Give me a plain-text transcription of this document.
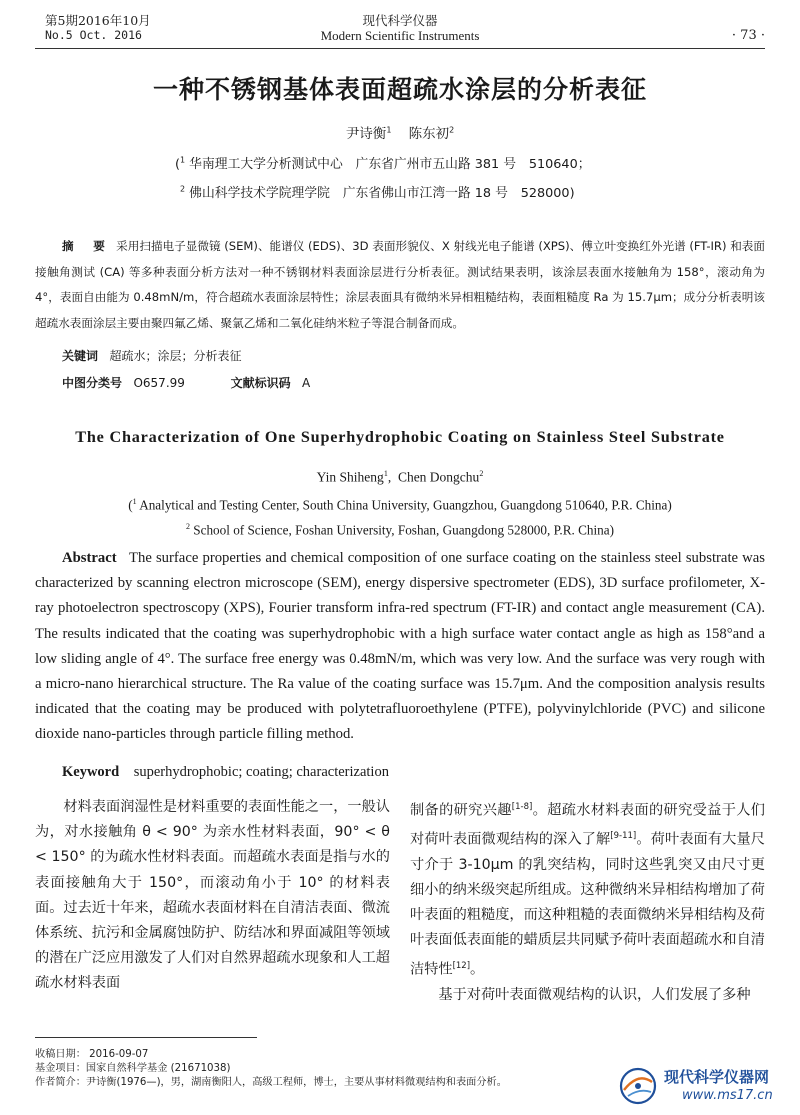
第5期2016年10月
No.5 Oct. 2016
现代科学仪器
Modern Scientific Instruments	· 73 ·
一种不锈钢基体表面超疏水涂层的分析表征
尹诗衡$^1$ 陈东初$^2$
($^1$ 华南理工大学分析测试中心　广东省广州市五山路 381 号　510640；
$^2$ 佛山科学技术学院理学院　广东省佛山市江湾一路 18 号　528000)
摘　要 采用扫描电子显微镜 (SEM)、能谱仪 (EDS)、3D 表面形貌仪、X 射线光电子能谱 (XPS)、傅立叶变换红外光谱 (FT-IR) 和表面接触角测试 (CA) 等多种表面分析方法对一种不锈钢材料表面涂层进行分析表征。测试结果表明，该涂层表面水接触角为 158°，滚动角为 4°，表面自由能为 0.48mN/m，符合超疏水表面涂层特性；涂层表面具有微纳米异相粗糙结构，表面粗糙度 Ra 为 15.7μm；成分分析表明该超疏水表面涂层主要由聚四氟乙烯、聚氯乙烯和二氧化硅纳米粒子等混合制备而成。
关键词 超疏水；涂层；分析表征
中图分类号 O657.99	文献标识码 A
The Characterization of One Superhydrophobic Coating on Stainless Steel Substrate
Yin Shiheng$^1$,  Chen Dongchu$^2$
($^1$ Analytical and Testing Center, South China University, Guangzhou, Guangdong 510640, P.R. China)
$^2$ School of Science, Foshan University, Foshan, Guangdong 528000, P.R. China)
Abstract The surface properties and chemical composition of one surface coating on the stainless steel substrate was characterized by scanning electron microscope (SEM), energy dispersive spectrometer (EDS), 3D surface profilometer, X-ray photoelectron spectroscopy (XPS), Fourier transform infra-red spectrum (FT-IR) and contact angle measurement (CA). The results indicated that the coating was superhydrophobic with a high surface water contact angle as high as 158°and a low sliding angle of 4°. The surface free energy was 0.48mN/m, which was very low. And the surface was very rough with a micro-nano hierarchical structure. The Ra value of the coating surface was 15.7μm. And the composition analysis results indicated that the coating may be produced with polytetrafluoroethylene (PTFE), polyvinylchloride (PVC) and silicone dioxide nano-particles through particle filling method.
Keyword superhydrophobic; coating; characterization

材料表面润湿性是材料重要的表面性能之一，一般认为，对水接触角 θ < 90° 为亲水性材料表面，90° < θ < 150° 的为疏水性材料表面。而超疏水表面是指与水的表面接触角大于 150°，而滚动角小于 10° 的材料表面。过去近十年来，超疏水表面材料在自清洁表面、微流体系统、抗污和金属腐蚀防护、防结冰和界面减阻等领域的潜在广泛应用激发了人们对自然界超疏水现象和人工超疏水材料表面

制备的研究兴趣[1-8]。超疏水材料表面的研究受益于人们对荷叶表面微观结构的深入了解[9-11]。荷叶表面有大量尺寸介于 3-10μm 的乳突结构，同时这些乳突又由尺寸更细小的纳米级突起所组成。这种微纳米异相结构增加了荷叶表面的粗糙度，而这种粗糙的表面微纳米异相结构及荷叶表面低表面能的蜡质层共同赋予荷叶表面超疏水和自清洁特性[12]。

基于对荷叶表面微观结构的认识，人们发展了多种

收稿日期： 2016-09-07
基金项目：国家自然科学基金 (21671038)
作者简介：尹诗衡(1976—)，男，湖南衡阳人，高级工程师，博士，主要从事材料微观结构和表面分析。	现代科学仪器网
www.ms17.cn
